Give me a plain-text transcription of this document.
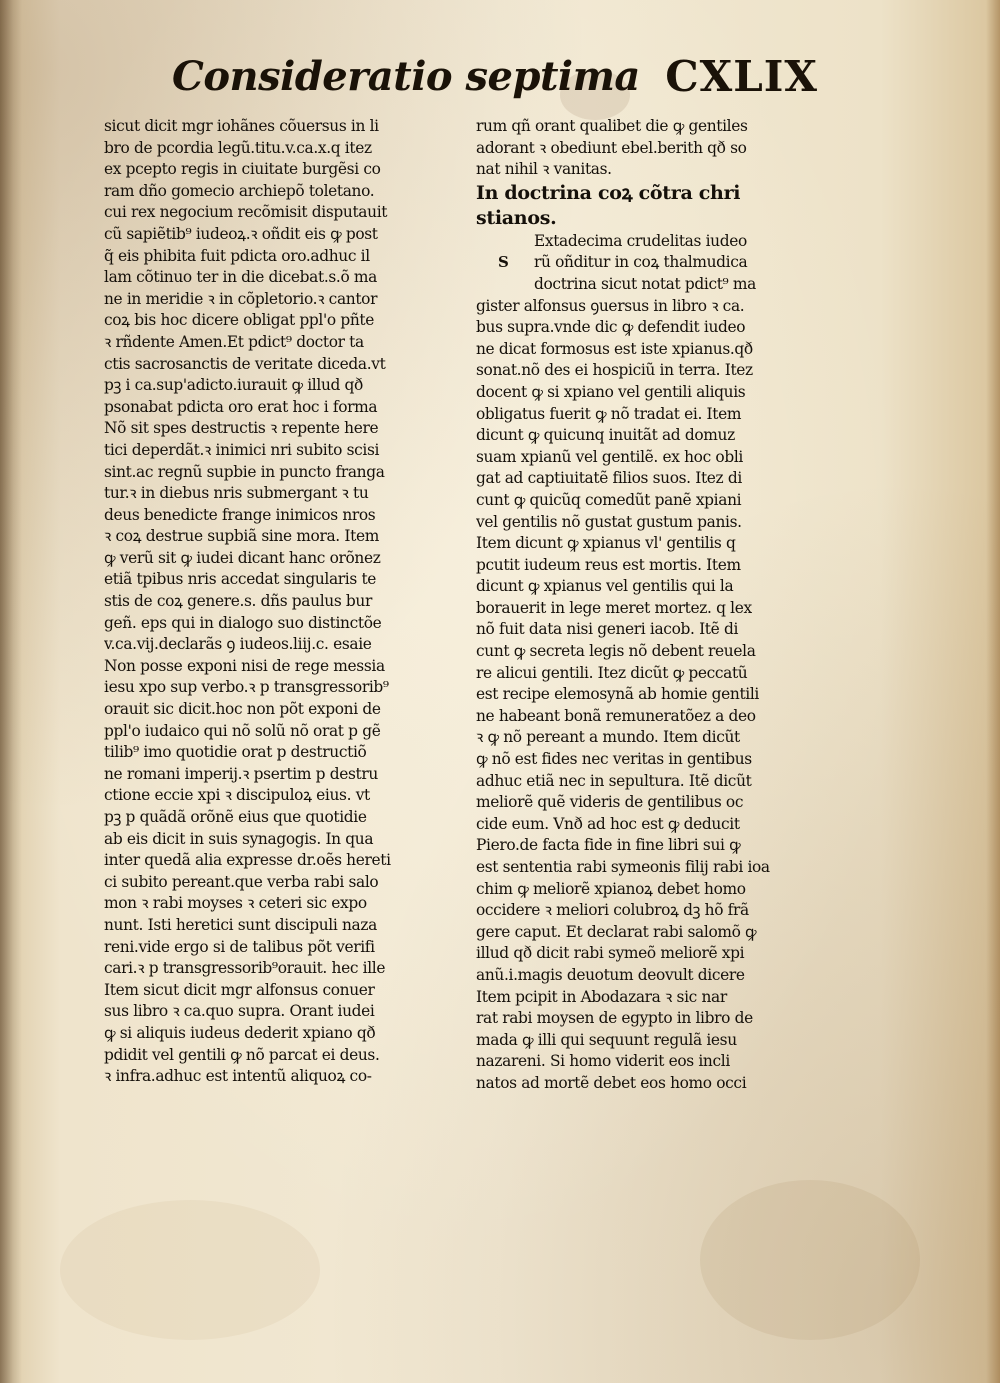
Consideratio septima CXLIX
sicut dicit mgr iohãnes cõuersus in li
bro de pcordia legũ.titu.v.ca.x.q itez
ex pcepto regis in ciuitate burgẽsi co
ram dño gomecio archiepõ toletano.
cui rex negocium recõmisit disputauit
cũ sapiẽtib⁹ iudeoꝝ.ꝛ oñdit eis ꝙ post
q̃ eis phibita fuit pdicta oro.adhuc il
lam cõtinuo ter in die dicebat.s.õ ma
ne in meridie ꝛ in cõpletorio.ꝛ cantor
coꝝ bis hoc dicere obligat ppl'o pñte
ꝛ rñdente Amen.Et pdict⁹ doctor ta
ctis sacrosanctis de veritate diceda.vt
pꝫ i ca.sup'adicto.iurauit ꝙ illud qð
psonabat pdicta oro erat hoc i forma
Nõ sit spes destructis ꝛ repente here
tici deperdãt.ꝛ inimici nri subito scisi
sint.ac regnũ supbie in puncto franga
tur.ꝛ in diebus nris submergant ꝛ tu
deus benedicte frange inimicos nros
ꝛ coꝝ destrue supbiã sine mora. Item
ꝙ verũ sit ꝙ iudei dicant hanc orõnez
etiã tpibus nris accedat singularis te
stis de coꝝ genere.s. dñs paulus bur
geñ. eps qui in dialogo suo distinctõe
v.ca.vij.declarãs ꝯ iudeos.liij.c. esaie
Non posse exponi nisi de rege messia
iesu xpo sup verbo.ꝛ p transgressorib⁹
orauit sic dicit.hoc non põt exponi de
ppl'o iudaico qui nõ solũ nõ orat p gẽ
tilib⁹ imo quotidie orat p destructiõ
ne romani imperij.ꝛ psertim p destru
ctione eccie xpi ꝛ discipuloꝝ eius. vt
pꝫ p quãdã orõnẽ eius que quotidie
ab eis dicit in suis synagogis. In qua
inter quedã alia expresse dr.oẽs hereti
ci subito pereant.que verba rabi salo
mon ꝛ rabi moyses ꝛ ceteri sic expo
nunt. Isti heretici sunt discipuli naza
reni.vide ergo si de talibus põt verifi
cari.ꝛ p transgressorib⁹orauit. hec ille
Item sicut dicit mgr alfonsus conuer
sus libro ꝛ ca.quo supra. Orant iudei
ꝙ si aliquis iudeus dederit xpiano qð
pdidit vel gentili ꝙ nõ parcat ei deus.
ꝛ infra.adhuc est intentũ aliquoꝝ co-
rum qñ orant qualibet die ꝙ gentiles
adorant ꝛ obediunt ebel.berith qð so
nat nihil ꝛ vanitas.
In doctrina coꝝ cõtra chri
stianos.
S
Extadecima crudelitas iudeo
rũ oñditur in coꝝ thalmudica
doctrina sicut notat pdict⁹ ma
gister alfonsus ꝯuersus in libro ꝛ ca.
bus supra.vnde dic ꝙ defendit iudeo
ne dicat formosus est iste xpianus.qð
sonat.nõ des ei hospiciũ in terra. Itez
docent ꝙ si xpiano vel gentili aliquis
obligatus fuerit ꝙ nõ tradat ei. Item
dicunt ꝙ quicunq inuitãt ad domuz
suam xpianũ vel gentilẽ. ex hoc obli
gat ad captiuitatẽ filios suos. Itez di
cunt ꝙ quicũq comedũt panẽ xpiani
vel gentilis nõ gustat gustum panis.
Item dicunt ꝙ xpianus vl' gentilis q
pcutit iudeum reus est mortis. Item
dicunt ꝙ xpianus vel gentilis qui la
borauerit in lege meret mortez. q lex
nõ fuit data nisi generi iacob. Itẽ di
cunt ꝙ secreta legis nõ debent reuela
re alicui gentili. Itez dicũt ꝙ peccatũ
est recipe elemosynã ab homie gentili
ne habeant bonã remuneratõez a deo
ꝛ ꝙ nõ pereant a mundo. Item dicũt
ꝙ nõ est fides nec veritas in gentibus
adhuc etiã nec in sepultura. Itẽ dicũt
meliorẽ quẽ videris de gentilibus oc
cide eum. Vnð ad hoc est ꝙ deducit
Piero.de facta fide in fine libri sui ꝙ
est sententia rabi symeonis filij rabi ioa
chim ꝙ meliorẽ xpianoꝝ debet homo
occidere ꝛ meliori colubroꝝ dꝫ hõ frã
gere caput. Et declarat rabi salomõ ꝙ
illud qð dicit rabi symeõ meliorẽ xpi
anũ.i.magis deuotum deovult dicere
Item pcipit in Abodazara ꝛ sic nar
rat rabi moysen de egypto in libro de
mada ꝙ illi qui sequunt regulã iesu
nazareni. Si homo viderit eos incli
natos ad mortẽ debet eos homo occi
